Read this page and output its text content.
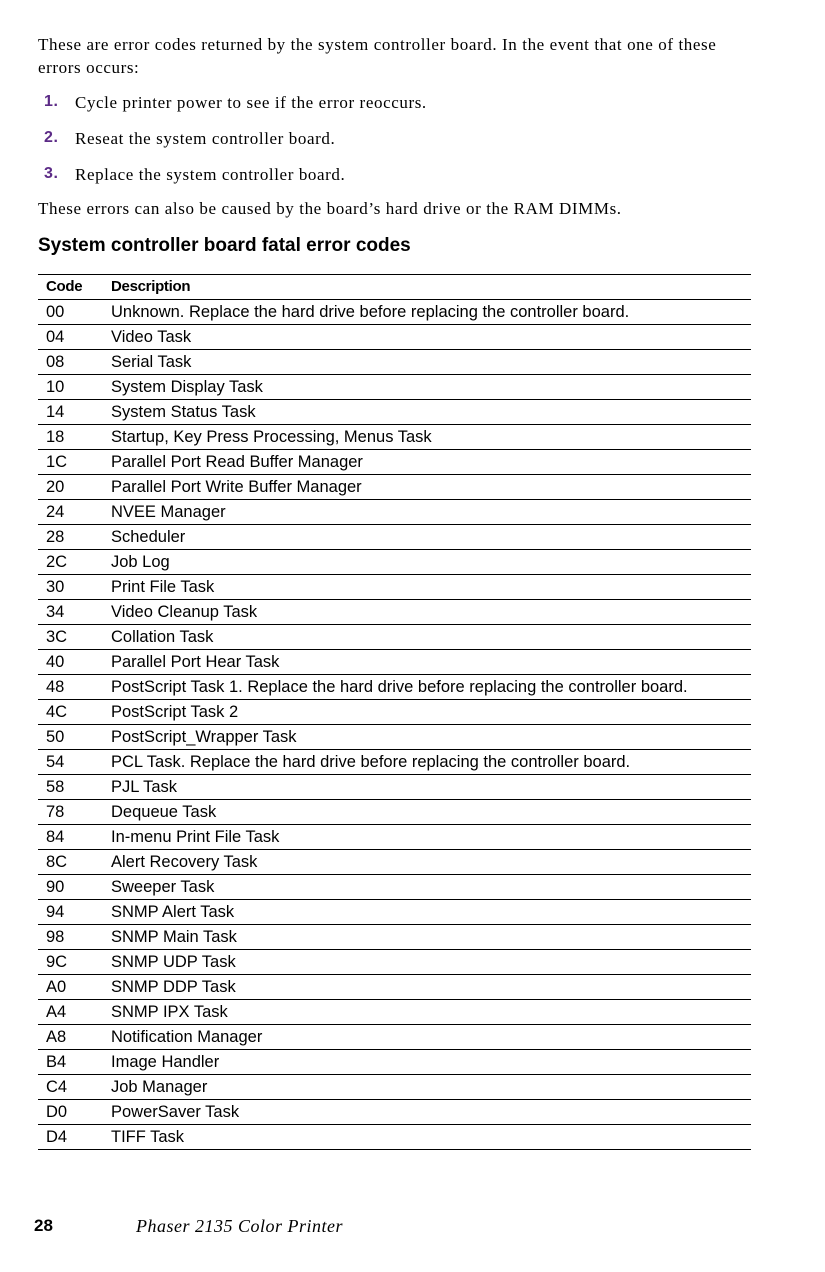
These are error codes returned by the system controller board. In the event that one of these errors occurs:

1. Cycle printer power to see if the error reoccurs.
2. Reseat the system controller board.
3. Replace the system controller board.

These errors can also be caused by the board’s hard drive or the RAM DIMMs.

System controller board fatal error codes
Code	Description
00	Unknown. Replace the hard drive before replacing the controller board.
04	Video Task
08	Serial Task
10	System Display Task
14	System Status Task
18	Startup, Key Press Processing, Menus Task
1C	Parallel Port Read Buffer Manager
20	Parallel Port Write Buffer Manager
24	NVEE Manager
28	Scheduler
2C	Job Log
30	Print File Task
34	Video Cleanup Task
3C	Collation Task
40	Parallel Port Hear Task
48	PostScript Task 1. Replace the hard drive before replacing the controller board.
4C	PostScript Task 2
50	PostScript_Wrapper Task
54	PCL Task. Replace the hard drive before replacing the controller board.
58	PJL Task
78	Dequeue Task
84	In-menu Print File Task
8C	Alert Recovery Task
90	Sweeper Task
94	SNMP Alert Task
98	SNMP Main Task
9C	SNMP UDP Task
A0	SNMP DDP Task
A4	SNMP IPX Task
A8	Notification Manager
B4	Image Handler
C4	Job Manager
D0	PowerSaver Task
D4	TIFF Task
28	Phaser 2135 Color Printer
